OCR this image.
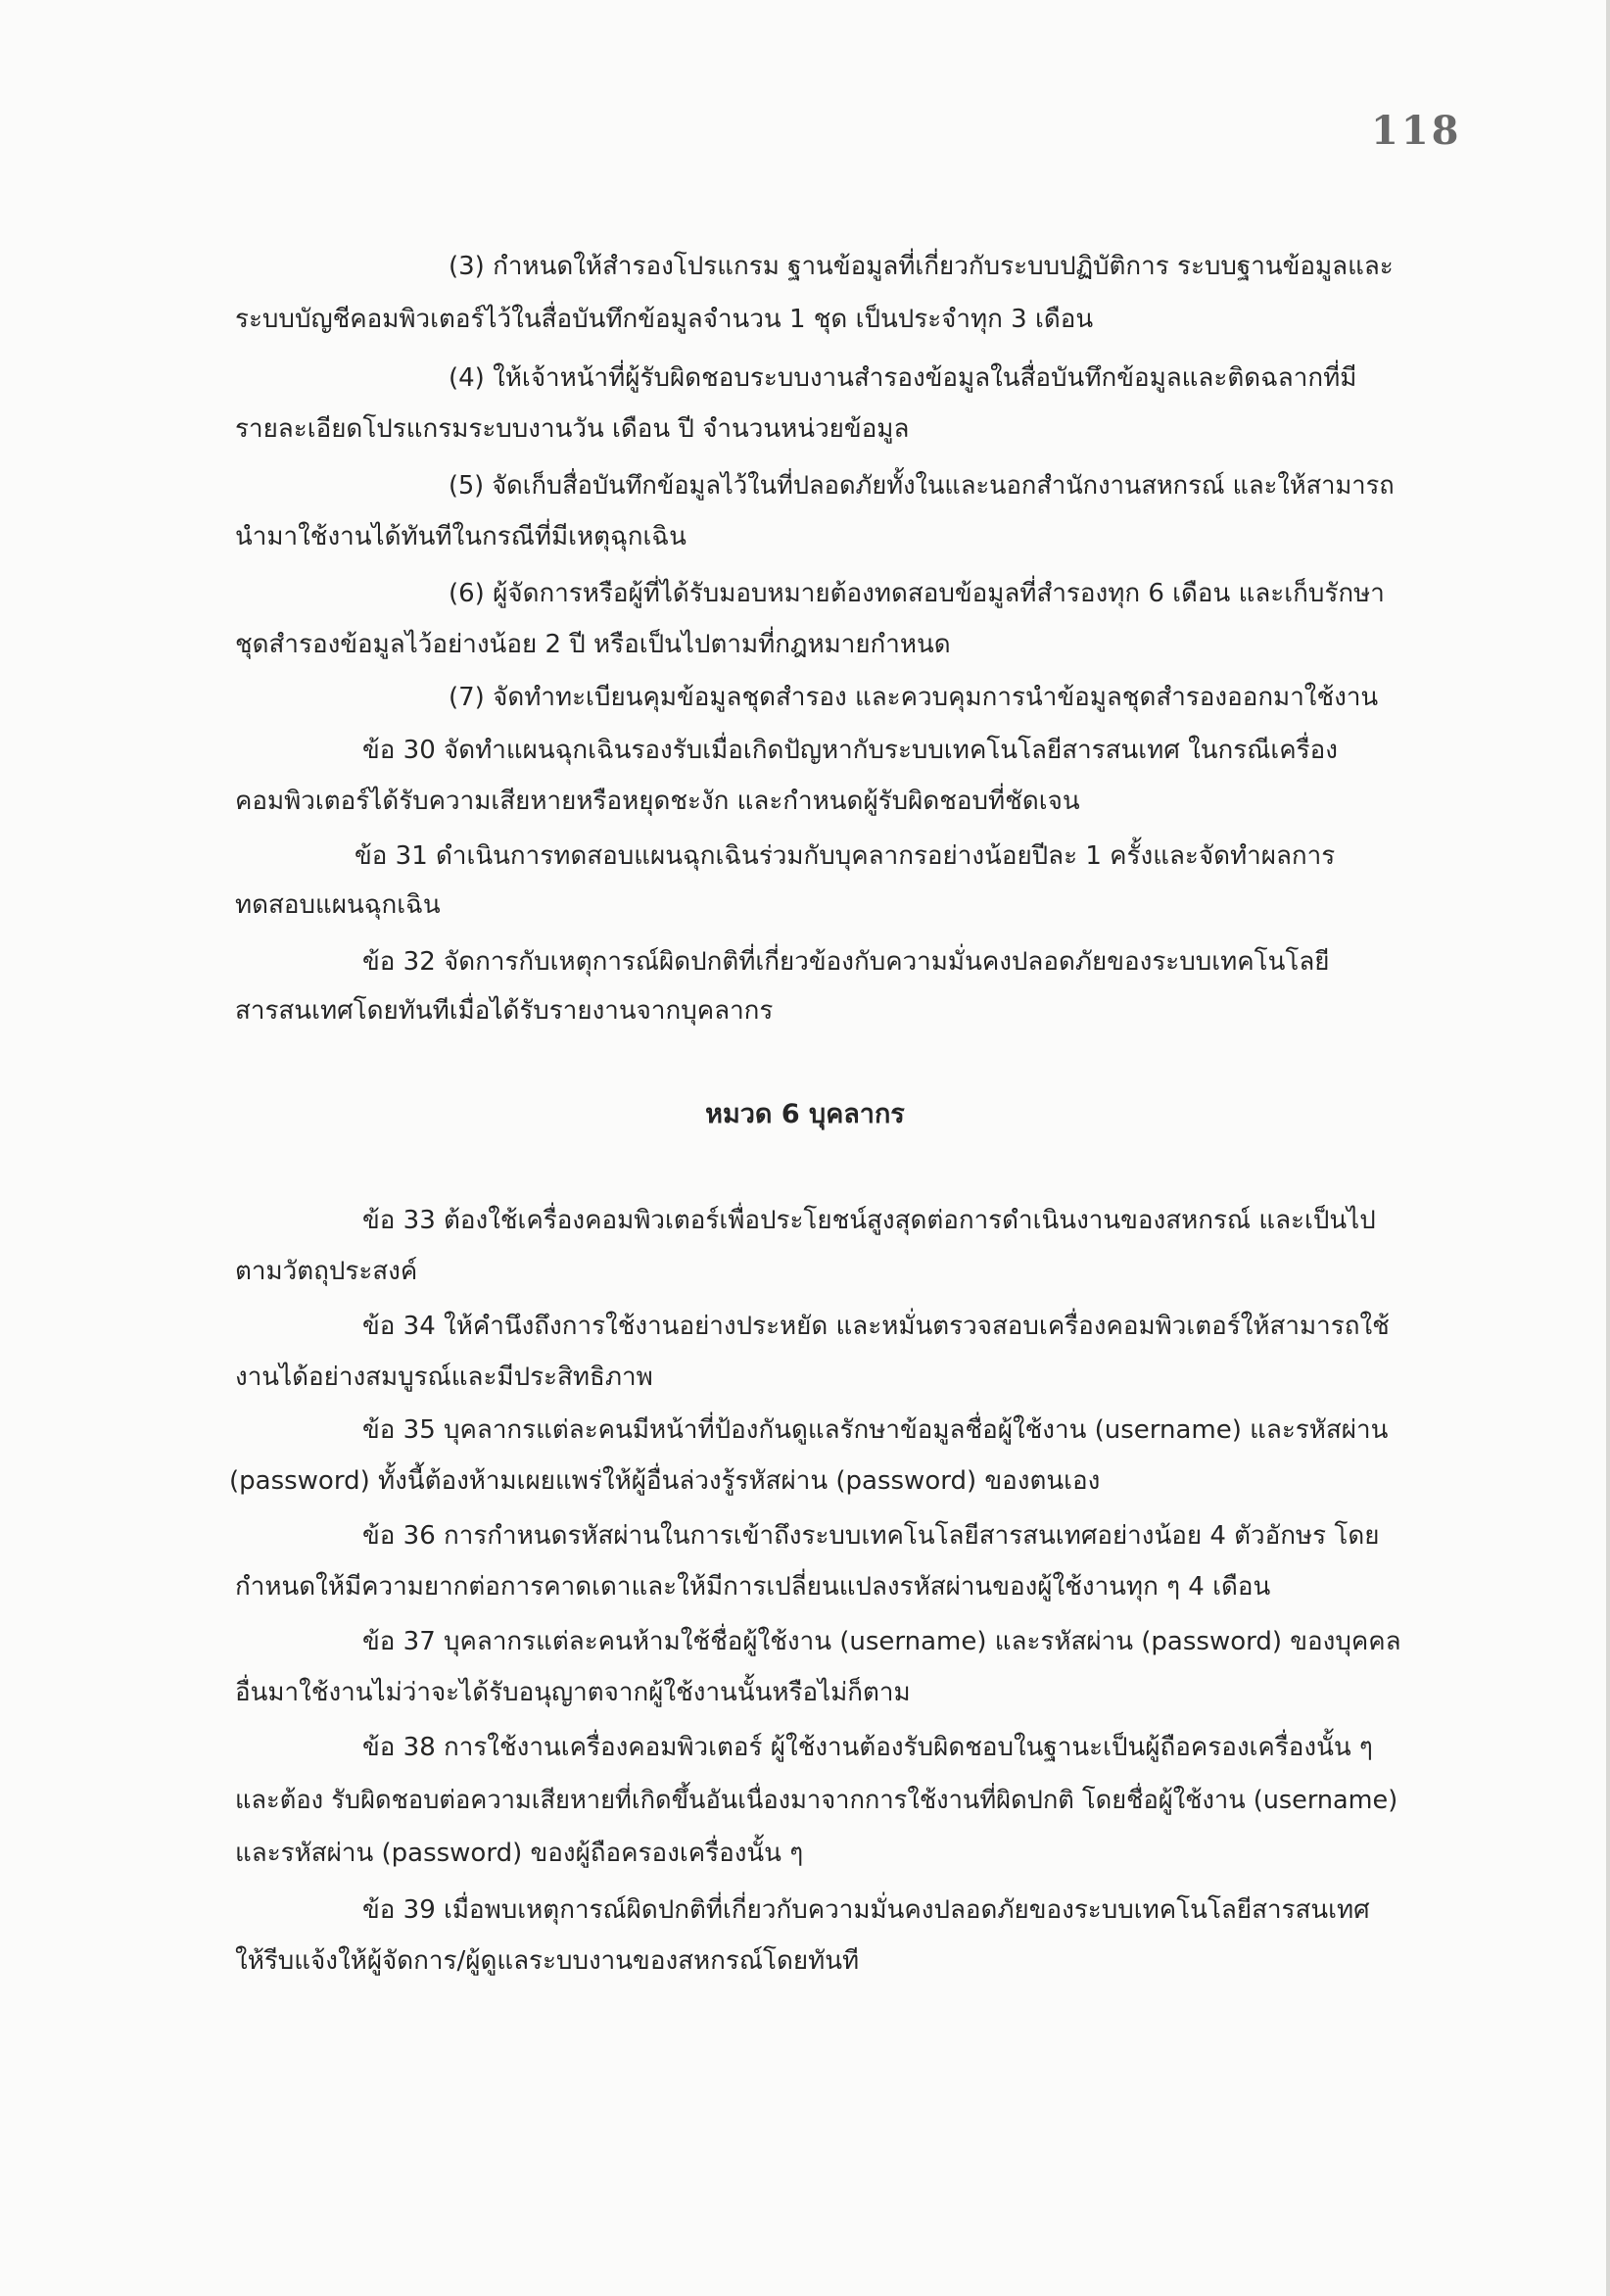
118
(3) กำหนดให้สำรองโปรแกรม ฐานข้อมูลที่เกี่ยวกับระบบปฏิบัติการ ระบบฐานข้อมูลและ
ระบบบัญชีคอมพิวเตอร์ไว้ในสื่อบันทึกข้อมูลจำนวน 1 ชุด เป็นประจำทุก 3 เดือน
(4) ให้เจ้าหน้าที่ผู้รับผิดชอบระบบงานสำรองข้อมูลในสื่อบันทึกข้อมูลและติดฉลากที่มี
รายละเอียดโปรแกรมระบบงานวัน เดือน ปี จำนวนหน่วยข้อมูล
(5) จัดเก็บสื่อบันทึกข้อมูลไว้ในที่ปลอดภัยทั้งในและนอกสำนักงานสหกรณ์ และให้สามารถ
นำมาใช้งานได้ทันทีในกรณีที่มีเหตุฉุกเฉิน
(6) ผู้จัดการหรือผู้ที่ได้รับมอบหมายต้องทดสอบข้อมูลที่สำรองทุก 6 เดือน และเก็บรักษา
ชุดสำรองข้อมูลไว้อย่างน้อย 2 ปี หรือเป็นไปตามที่กฎหมายกำหนด
(7) จัดทำทะเบียนคุมข้อมูลชุดสำรอง และควบคุมการนำข้อมูลชุดสำรองออกมาใช้งาน
ข้อ 30 จัดทำแผนฉุกเฉินรองรับเมื่อเกิดปัญหากับระบบเทคโนโลยีสารสนเทศ ในกรณีเครื่อง
คอมพิวเตอร์ได้รับความเสียหายหรือหยุดชะงัก และกำหนดผู้รับผิดชอบที่ชัดเจน
ข้อ 31 ดำเนินการทดสอบแผนฉุกเฉินร่วมกับบุคลากรอย่างน้อยปีละ 1 ครั้งและจัดทำผลการ
ทดสอบแผนฉุกเฉิน
ข้อ 32 จัดการกับเหตุการณ์ผิดปกติที่เกี่ยวข้องกับความมั่นคงปลอดภัยของระบบเทคโนโลยี
สารสนเทศโดยทันทีเมื่อได้รับรายงานจากบุคลากร
หมวด 6 บุคลากร
ข้อ 33 ต้องใช้เครื่องคอมพิวเตอร์เพื่อประโยชน์สูงสุดต่อการดำเนินงานของสหกรณ์ และเป็นไป
ตามวัตถุประสงค์
ข้อ 34 ให้คำนึงถึงการใช้งานอย่างประหยัด และหมั่นตรวจสอบเครื่องคอมพิวเตอร์ให้สามารถใช้
งานได้อย่างสมบูรณ์และมีประสิทธิภาพ
ข้อ 35 บุคลากรแต่ละคนมีหน้าที่ป้องกันดูแลรักษาข้อมูลชื่อผู้ใช้งาน (username) และรหัสผ่าน
(password) ทั้งนี้ต้องห้ามเผยแพร่ให้ผู้อื่นล่วงรู้รหัสผ่าน (password) ของตนเอง
ข้อ 36 การกำหนดรหัสผ่านในการเข้าถึงระบบเทคโนโลยีสารสนเทศอย่างน้อย 4 ตัวอักษร โดย
กำหนดให้มีความยากต่อการคาดเดาและให้มีการเปลี่ยนแปลงรหัสผ่านของผู้ใช้งานทุก ๆ 4 เดือน
ข้อ 37 บุคลากรแต่ละคนห้ามใช้ชื่อผู้ใช้งาน (username) และรหัสผ่าน (password) ของบุคคล
อื่นมาใช้งานไม่ว่าจะได้รับอนุญาตจากผู้ใช้งานนั้นหรือไม่ก็ตาม
ข้อ 38 การใช้งานเครื่องคอมพิวเตอร์ ผู้ใช้งานต้องรับผิดชอบในฐานะเป็นผู้ถือครองเครื่องนั้น ๆ
และต้อง รับผิดชอบต่อความเสียหายที่เกิดขึ้นอันเนื่องมาจากการใช้งานที่ผิดปกติ โดยชื่อผู้ใช้งาน (username)
และรหัสผ่าน (password) ของผู้ถือครองเครื่องนั้น ๆ
ข้อ 39 เมื่อพบเหตุการณ์ผิดปกติที่เกี่ยวกับความมั่นคงปลอดภัยของระบบเทคโนโลยีสารสนเทศ
ให้รีบแจ้งให้ผู้จัดการ/ผู้ดูแลระบบงานของสหกรณ์โดยทันที
